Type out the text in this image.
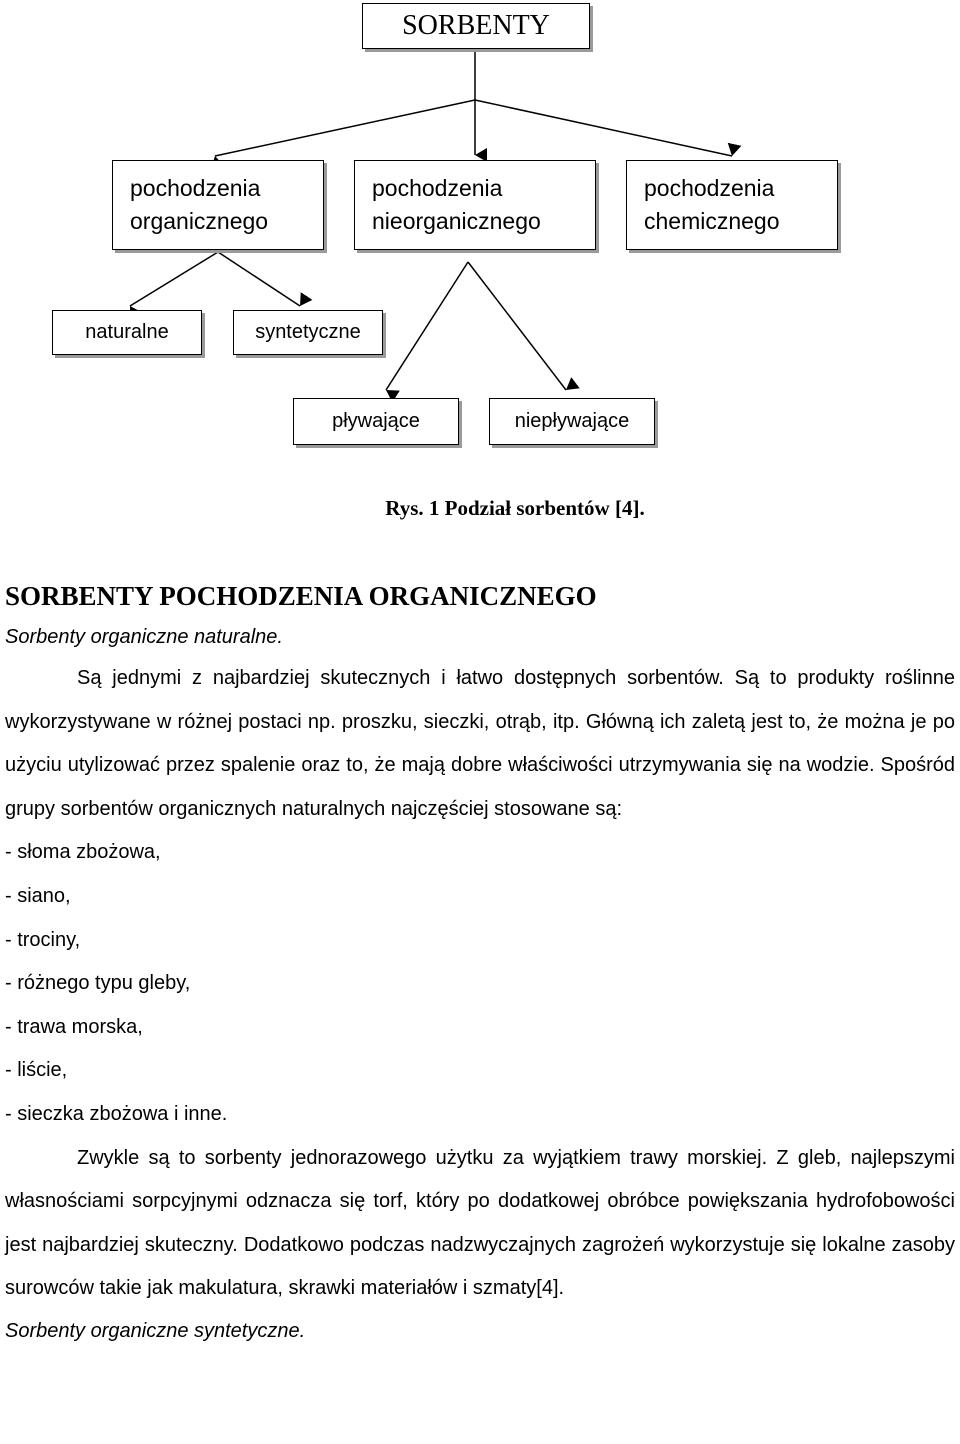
SORBENTY
pochodzenia
organicznego
pochodzenia
nieorganicznego
pochodzenia
chemicznego
naturalne	syntetyczne
pływające	niepływające
Rys. 1 Podział sorbentów [4].
SORBENTY POCHODZENIA ORGANICZNEGO

Sorbenty organiczne naturalne.

Są jednymi z najbardziej skutecznych i łatwo dostępnych sorbentów. Są to produkty roślinne wykorzystywane w różnej postaci np. proszku, sieczki, otrąb, itp. Główną ich zaletą jest to, że można je po użyciu utylizować przez spalenie oraz to, że mają dobre właściwości utrzymywania się na wodzie. Spośród grupy sorbentów organicznych naturalnych najczęściej stosowane są:

- słoma zbożowa,
- siano,
- trociny,
- różnego typu gleby,
- trawa morska,
- liście,
- sieczka zbożowa i inne.

Zwykle są to sorbenty jednorazowego użytku za wyjątkiem trawy morskiej. Z gleb, najlepszymi własnościami sorpcyjnymi odznacza się torf, który po dodatkowej obróbce powiększania hydrofobowości jest najbardziej skuteczny. Dodatkowo podczas nadzwyczajnych zagrożeń wykorzystuje się lokalne zasoby surowców takie jak makulatura, skrawki materiałów i szmaty[4].

Sorbenty organiczne syntetyczne.
